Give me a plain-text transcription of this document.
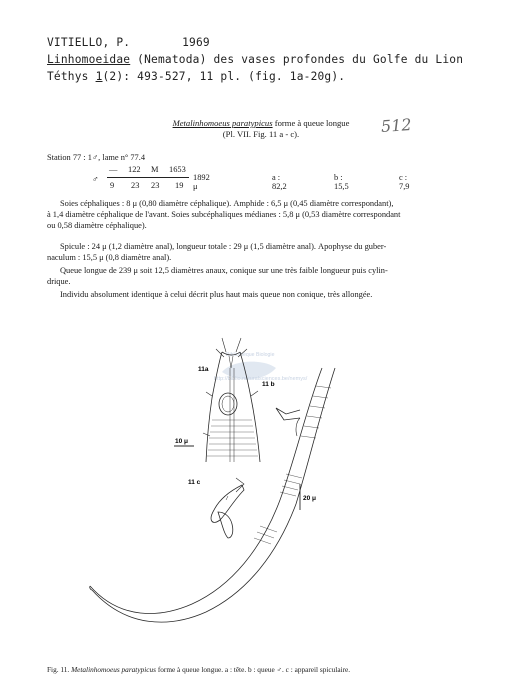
VITIELLO, P.	1969
Linhomoeidae (Nematoda) des vases profondes du Golfe du Lion
Téthys 1(2): 493-527, 11 pl. (fig. 1a-20g).
512
Metalinhomoeus paratypicus forme à queue longue
(Pl. VII. Fig. 11 a - c).
Station 77 : 1♂, lame n° 77.4
♂
— 122 M 1653
9 23 23 19
1892 μ
a : 82,2
b : 15,5
c : 7,9
Soies céphaliques : 8 μ (0,80 diamètre céphalique). Amphide : 6,5 μ (0,45 diamètre correspondant),
à 1,4 diamètre céphalique de l'avant. Soies subcéphaliques médianes : 5,8 μ (0,53 diamètre correspondant
ou 0,58 diamètre céphalique).
Spicule : 24 μ (1,2 diamètre anal), longueur totale : 29 μ (1,5 diamètre anal). Apophyse du guber-
naculum : 15,5 μ (0,8 diamètre anal).
Queue longue de 239 μ soit 12,5 diamètres anaux, conique sur une très faible longueur puis cylin-
drique.
Individu absolument identique à celui décrit plus haut mais queue non conique, très allongée.
Bibliothèque Biologie
http://biblio.naturalsciences.be/nemys/
10 μ
11a
11 b
20 μ
11 c
Fig. 11. Metalinhomoeus paratypicus forme à queue longue. a : tête. b : queue ♂. c : appareil spiculaire.
